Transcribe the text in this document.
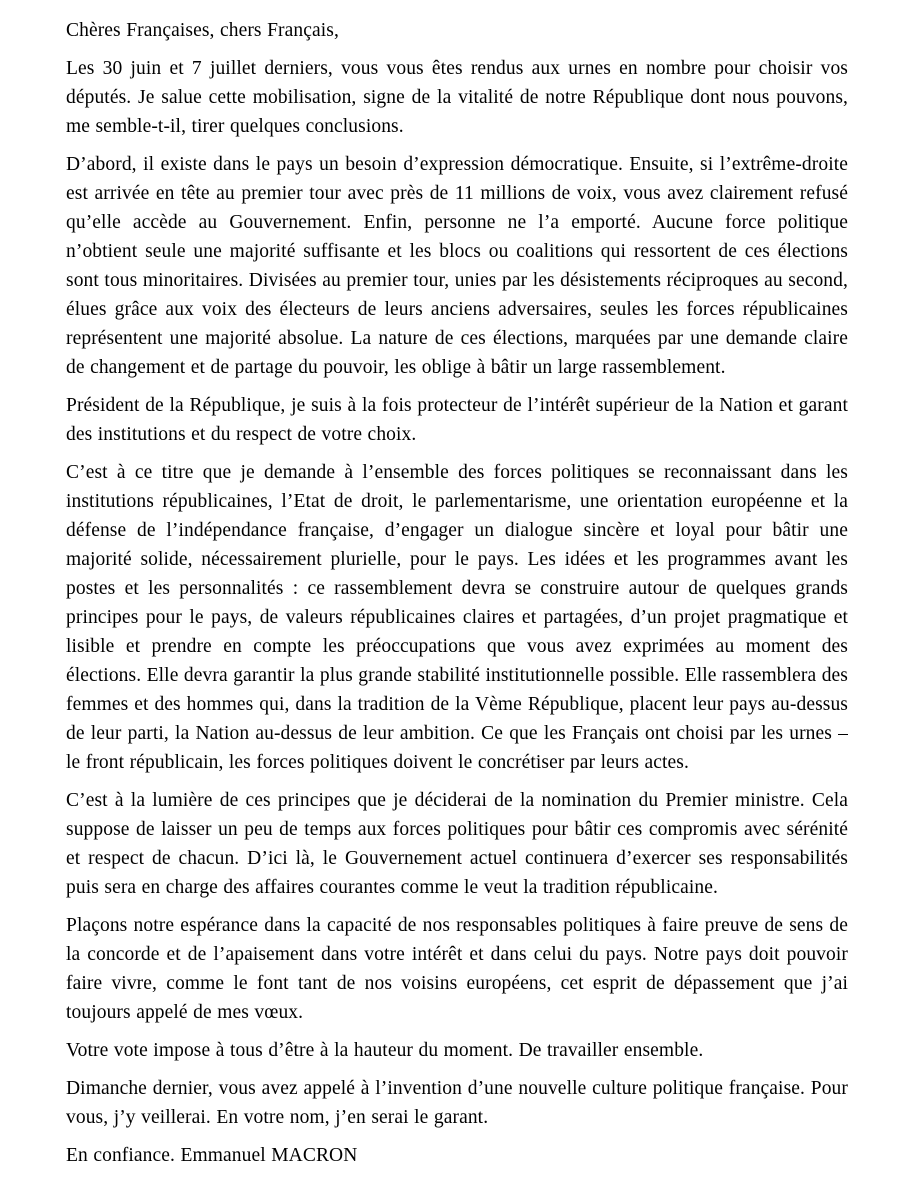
Chères Françaises, chers Français,

Les 30 juin et 7 juillet derniers, vous vous êtes rendus aux urnes en nombre pour choisir vos députés. Je salue cette mobilisation, signe de la vitalité de notre République dont nous pouvons, me semble-t-il, tirer quelques conclusions.

D’abord, il existe dans le pays un besoin d’expression démocratique. Ensuite, si l’extrême-droite est arrivée en tête au premier tour avec près de 11 millions de voix, vous avez clairement refusé qu’elle accède au Gouvernement. Enfin, personne ne l’a emporté. Aucune force politique n’obtient seule une majorité suffisante et les blocs ou coalitions qui ressortent de ces élections sont tous minoritaires. Divisées au premier tour, unies par les désistements réciproques au second, élues grâce aux voix des électeurs de leurs anciens adversaires, seules les forces républicaines représentent une majorité absolue. La nature de ces élections, marquées par une demande claire de changement et de partage du pouvoir, les oblige à bâtir un large rassemblement.

Président de la République, je suis à la fois protecteur de l’intérêt supérieur de la Nation et garant des institutions et du respect de votre choix.

C’est à ce titre que je demande à l’ensemble des forces politiques se reconnaissant dans les institutions républicaines, l’Etat de droit, le parlementarisme, une orientation européenne et la défense de l’indépendance française, d’engager un dialogue sincère et loyal pour bâtir une majorité solide, nécessairement plurielle, pour le pays. Les idées et les programmes avant les postes et les personnalités : ce rassemblement devra se construire autour de quelques grands principes pour le pays, de valeurs républicaines claires et partagées, d’un projet pragmatique et lisible et prendre en compte les préoccupations que vous avez exprimées au moment des élections. Elle devra garantir la plus grande stabilité institutionnelle possible. Elle rassemblera des femmes et des hommes qui, dans la tradition de la Vème République, placent leur pays au-dessus de leur parti, la Nation au-dessus de leur ambition. Ce que les Français ont choisi par les urnes – le front républicain, les forces politiques doivent le concrétiser par leurs actes.

C’est à la lumière de ces principes que je déciderai de la nomination du Premier ministre. Cela suppose de laisser un peu de temps aux forces politiques pour bâtir ces compromis avec sérénité et respect de chacun. D’ici là, le Gouvernement actuel continuera d’exercer ses responsabilités puis sera en charge des affaires courantes comme le veut la tradition républicaine.

Plaçons notre espérance dans la capacité de nos responsables politiques à faire preuve de sens de la concorde et de l’apaisement dans votre intérêt et dans celui du pays. Notre pays doit pouvoir faire vivre, comme le font tant de nos voisins européens, cet esprit de dépassement que j’ai toujours appelé de mes vœux.

Votre vote impose à tous d’être à la hauteur du moment. De travailler ensemble.

Dimanche dernier, vous avez appelé à l’invention d’une nouvelle culture politique française. Pour vous, j’y veillerai. En votre nom, j’en serai le garant.

En confiance. Emmanuel MACRON
